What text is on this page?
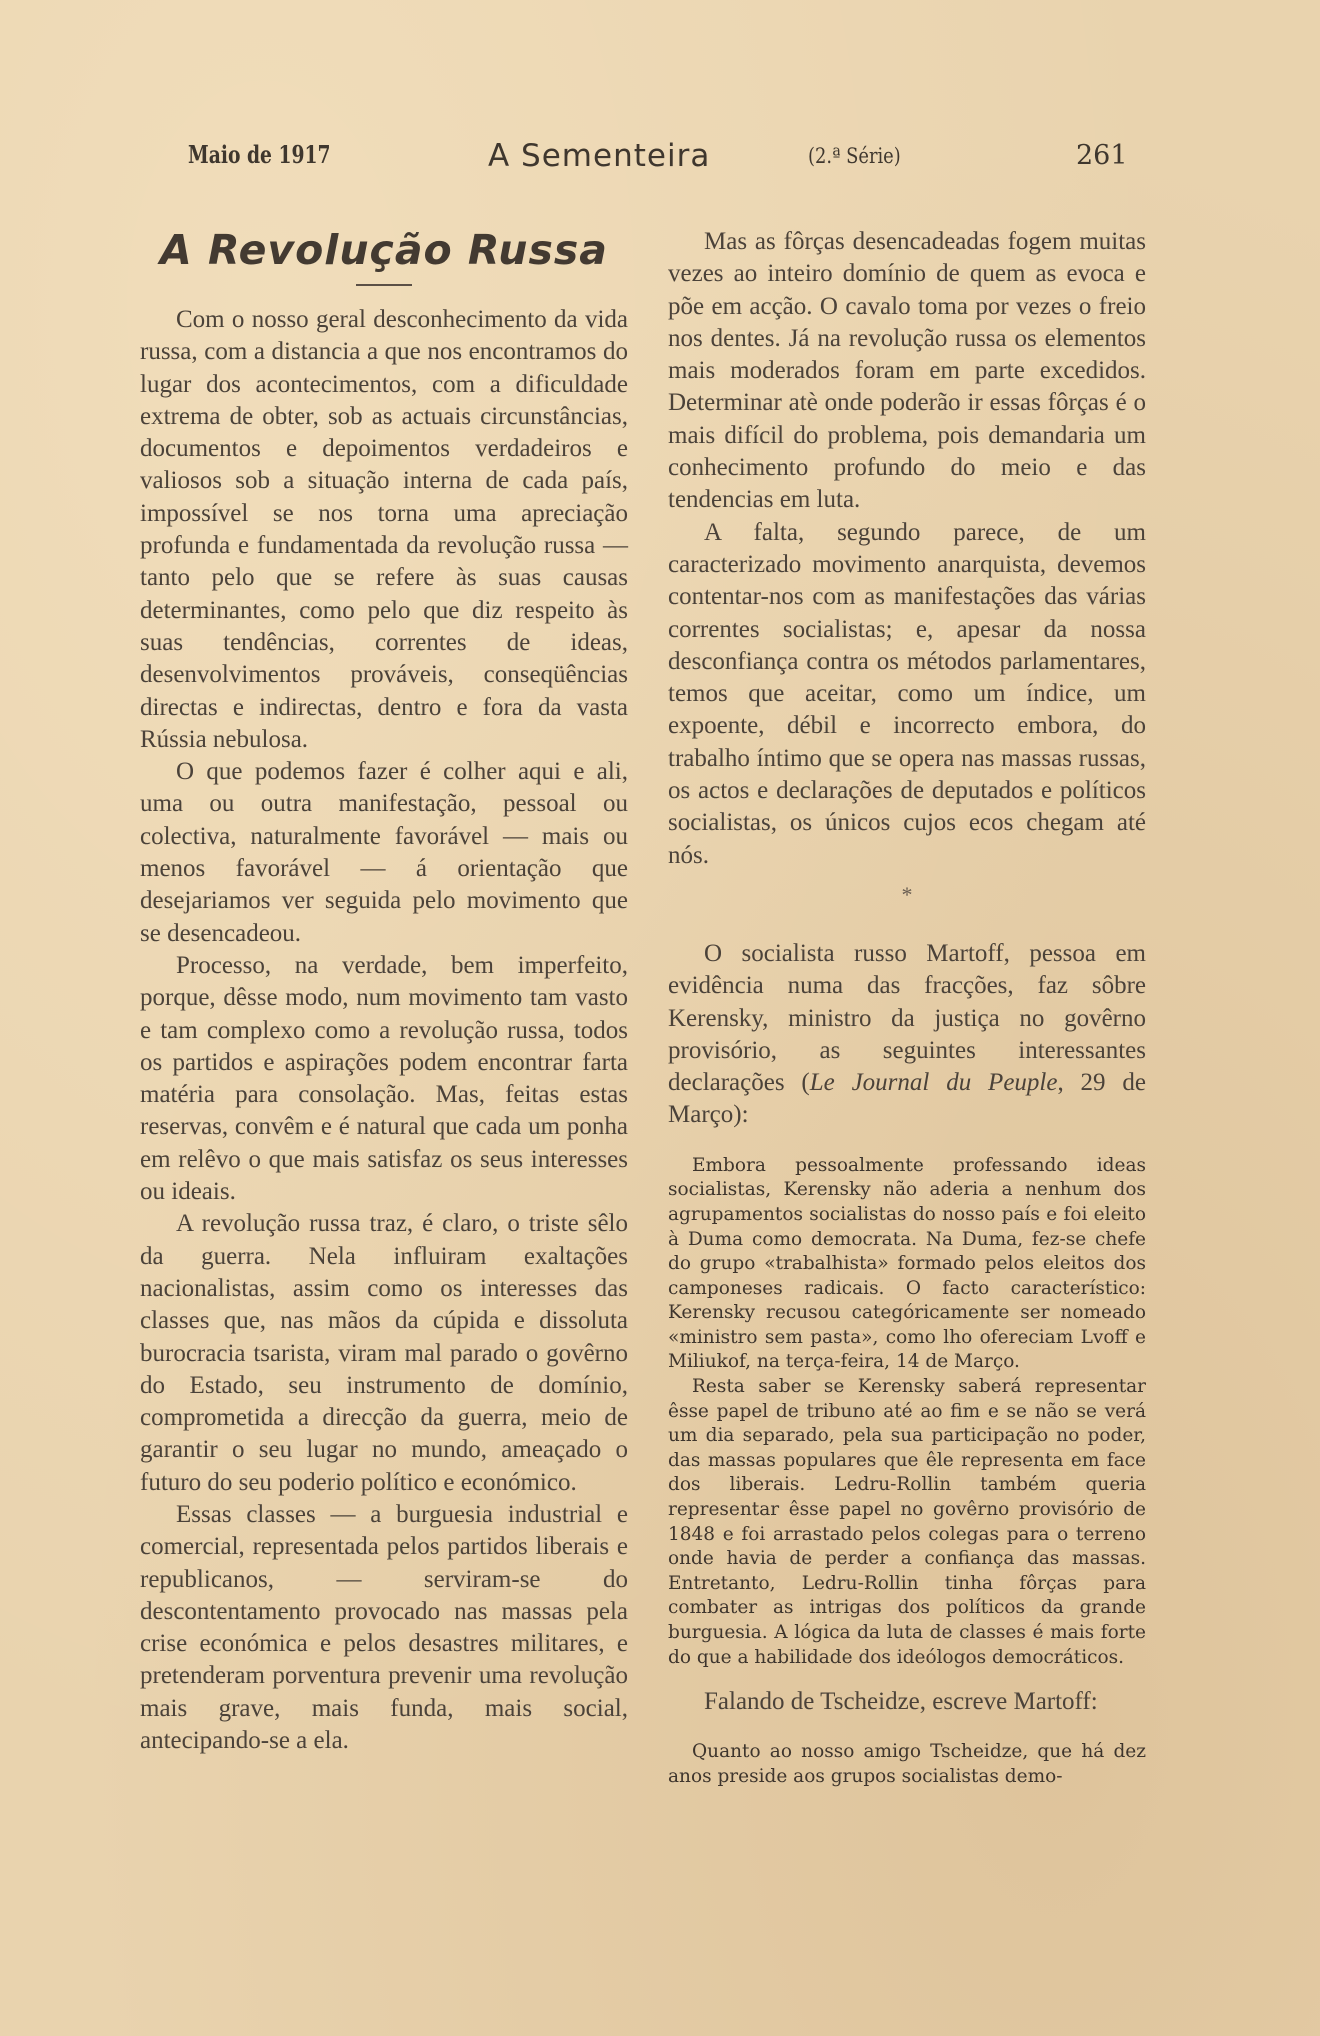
Maio de 1917	A Sementeira	(2.ª Série)	261
A Revolução Russa

Com o nosso geral desconhecimento da vida russa, com a distancia a que nos encontramos do lugar dos acontecimentos, com a dificuldade extrema de obter, sob as actuais circunstâncias, documentos e depoimentos verdadeiros e valiosos sob a situação interna de cada país, impossível se nos torna uma apreciação profunda e fundamentada da revolução russa — tanto pelo que se refere às suas causas determinantes, como pelo que diz respeito às suas tendências, correntes de ideas, desenvolvimentos prováveis, conseqüências directas e indirectas, dentro e fora da vasta Rússia nebulosa.

O que podemos fazer é colher aqui e ali, uma ou outra manifestação, pessoal ou colectiva, naturalmente favorável — mais ou menos favorável — á orientação que desejariamos ver seguida pelo movimento que se desencadeou.

Processo, na verdade, bem imperfeito, porque, dêsse modo, num movimento tam vasto e tam complexo como a revolução russa, todos os partidos e aspirações podem encontrar farta matéria para consolação. Mas, feitas estas reservas, convêm e é natural que cada um ponha em relêvo o que mais satisfaz os seus interesses ou ideais.

A revolução russa traz, é claro, o triste sêlo da guerra. Nela influiram exaltações nacionalistas, assim como os interesses das classes que, nas mãos da cúpida e dissoluta burocracia tsarista, viram mal parado o govêrno do Estado, seu instrumento de domínio, comprometida a direcção da guerra, meio de garantir o seu lugar no mundo, ameaçado o futuro do seu poderio político e económico.

Essas classes — a burguesia industrial e comercial, representada pelos partidos liberais e republicanos, — serviram-se do descontentamento provocado nas massas pela crise económica e pelos desastres militares, e pretenderam porventura prevenir uma revolução mais grave, mais funda, mais social, antecipando-se a ela.

Mas as fôrças desencadeadas fogem muitas vezes ao inteiro domínio de quem as evoca e põe em acção. O cavalo toma por vezes o freio nos dentes. Já na revolução russa os elementos mais moderados foram em parte excedidos. Determinar atè onde poderão ir essas fôrças é o mais difícil do problema, pois demandaria um conhecimento profundo do meio e das tendencias em luta.

A falta, segundo parece, de um caracterizado movimento anarquista, devemos contentar-nos com as manifestações das várias correntes socialistas; e, apesar da nossa desconfiança contra os métodos parlamentares, temos que aceitar, como um índice, um expoente, débil e incorrecto embora, do trabalho íntimo que se opera nas massas russas, os actos e declarações de deputados e políticos socialistas, os únicos cujos ecos chegam até nós.

*

O socialista russo Martoff, pessoa em evidência numa das fracções, faz sôbre Kerensky, ministro da justiça no govêrno provisório, as seguintes interessantes declarações (Le Journal du Peuple, 29 de Março):

Embora pessoalmente professando ideas socialistas, Kerensky não aderia a nenhum dos agrupamentos socialistas do nosso país e foi eleito à Duma como democrata. Na Duma, fez-se chefe do grupo «trabalhista» formado pelos eleitos dos camponeses radicais. O facto característico: Kerensky recusou categóricamente ser nomeado «ministro sem pasta», como lho ofereciam Lvoff e Miliukof, na terça-feira, 14 de Março.

Resta saber se Kerensky saberá representar êsse papel de tribuno até ao fim e se não se verá um dia separado, pela sua participação no poder, das massas populares que êle representa em face dos liberais. Ledru-Rollin também queria representar êsse papel no govêrno provisório de 1848 e foi arrastado pelos colegas para o terreno onde havia de perder a confiança das massas. Entretanto, Ledru-Rollin tinha fôrças para combater as intrigas dos políticos da grande burguesia. A lógica da luta de classes é mais forte do que a habilidade dos ideólogos democráticos.

Falando de Tscheidze, escreve Martoff:

Quanto ao nosso amigo Tscheidze, que há dez anos preside aos grupos socialistas demo-
